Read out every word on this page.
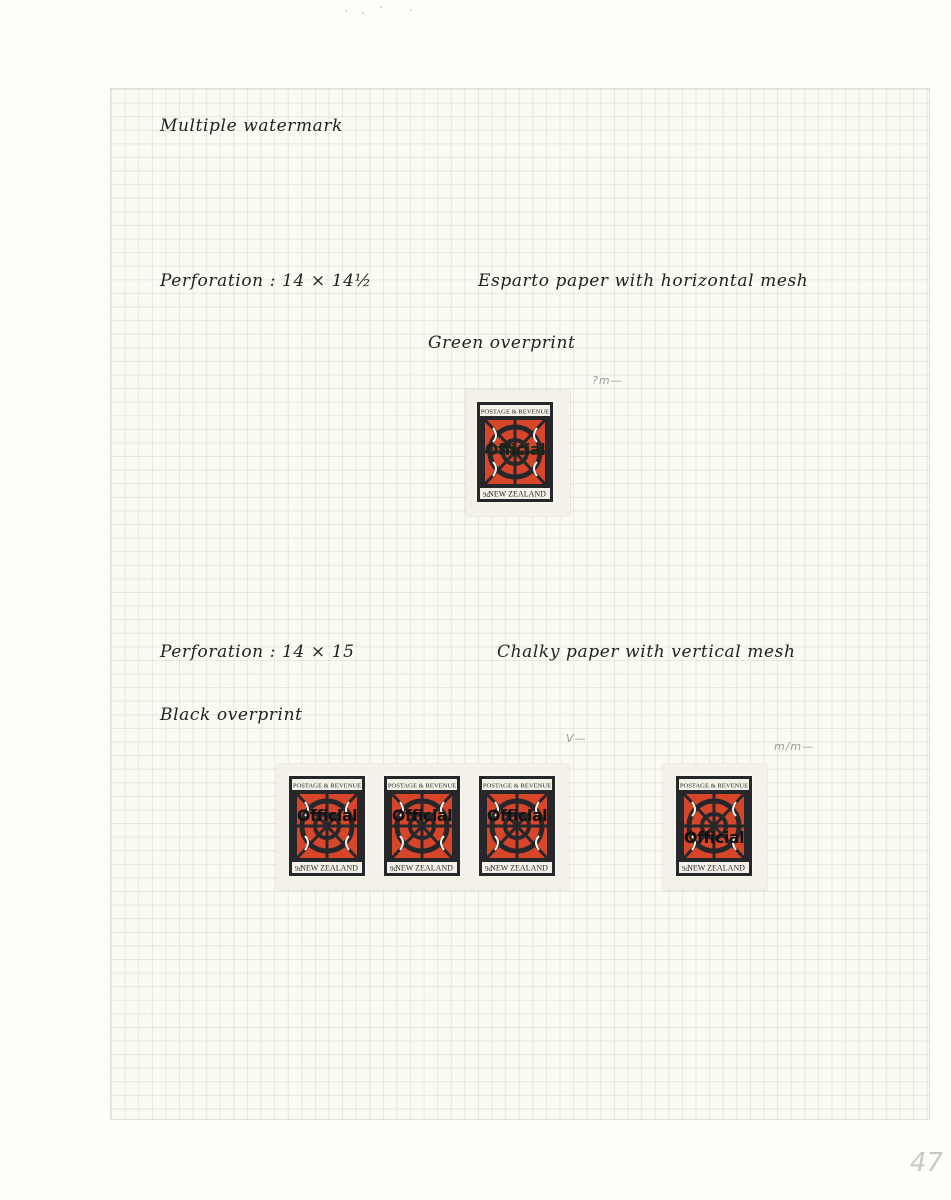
Multiple watermark
Perforation : 14 × 14½	Esparto paper with horizontal mesh
Green overprint
?m—
POSTAGE & REVENUE
NEW ZEALAND
9d
Official
Perforation : 14 × 15	Chalky paper with vertical mesh
Black overprint
V—
m/m—
POSTAGE & REVENUE
NEW ZEALAND
9d
Official
POSTAGE & REVENUE
NEW ZEALAND
9d
Official
POSTAGE & REVENUE
NEW ZEALAND
9d
Official
POSTAGE & REVENUE
NEW ZEALAND
9d
Official
47
